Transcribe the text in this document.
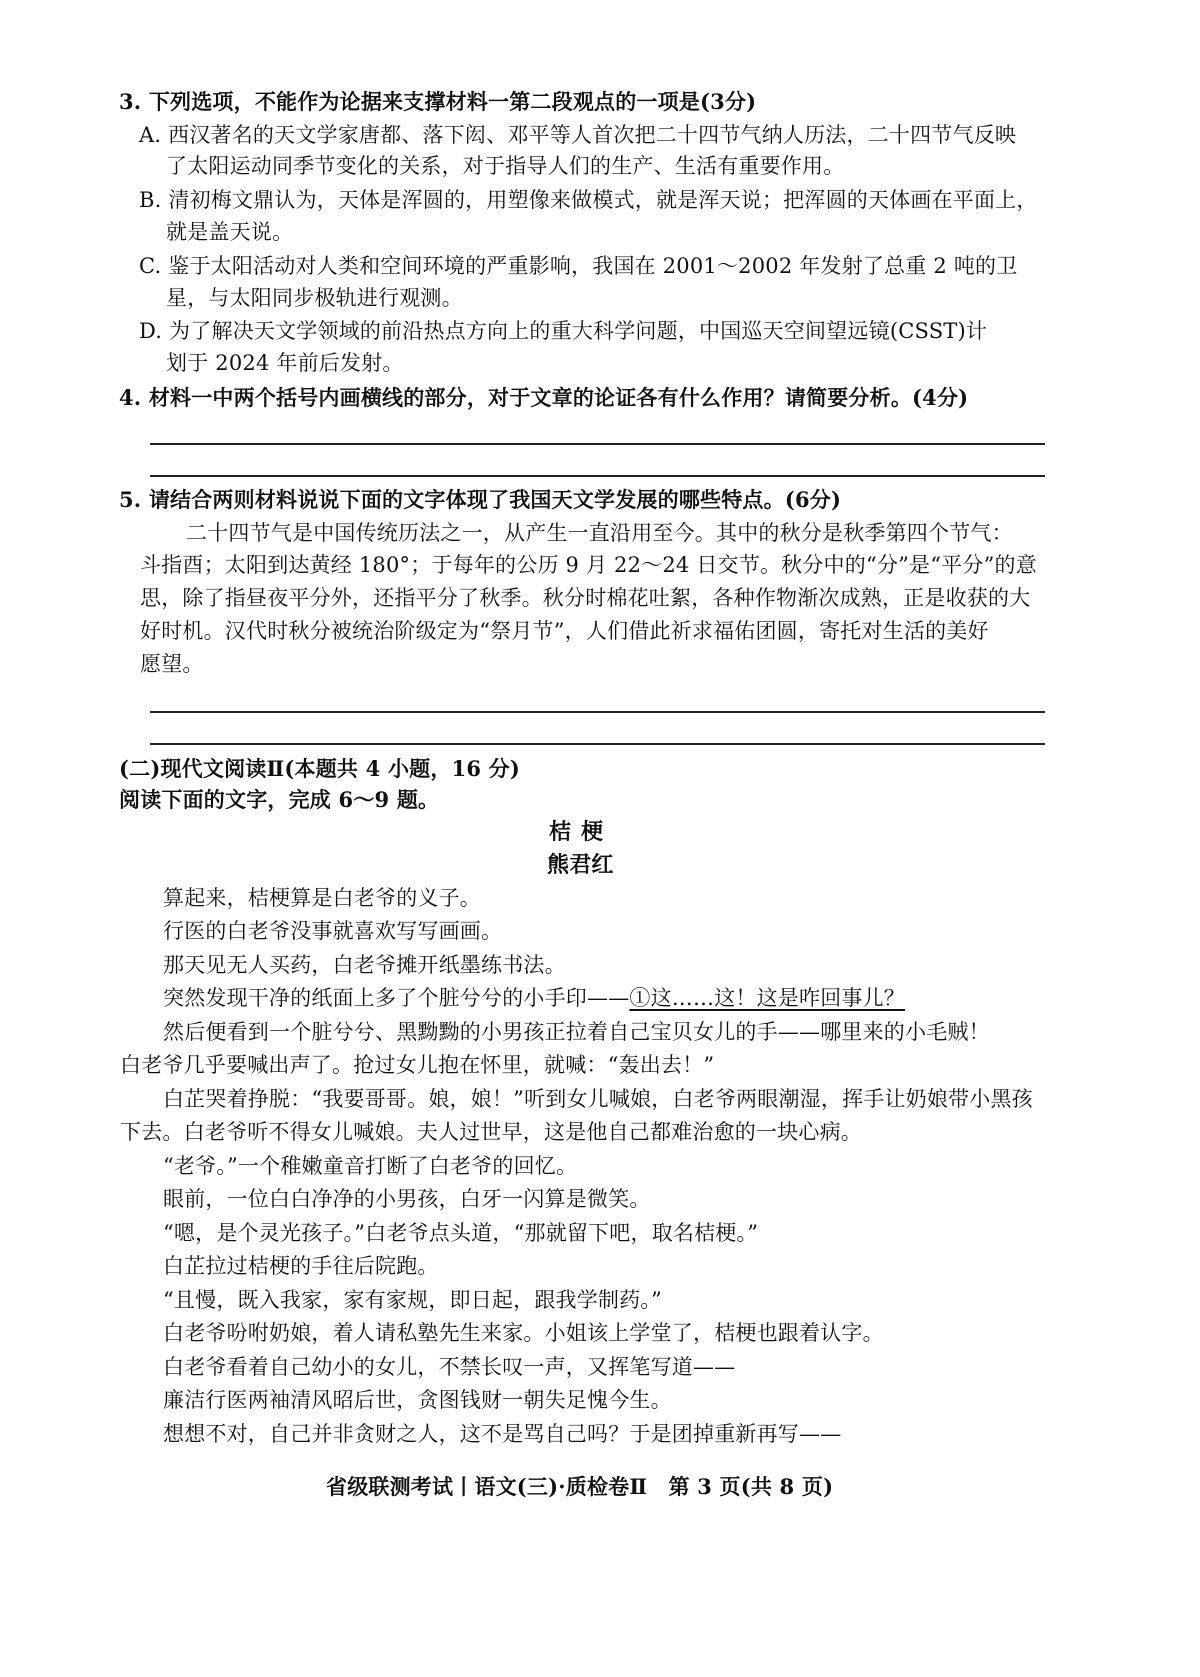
3. 下列选项，不能作为论据来支撑材料一第二段观点的一项是(3分)
A. 西汉著名的天文学家唐都、落下闳、邓平等人首次把二十四节气纳人历法，二十四节气反映
了太阳运动同季节变化的关系，对于指导人们的生产、生活有重要作用。
B. 清初梅文鼎认为，天体是浑圆的，用塑像来做模式，就是浑天说；把浑圆的天体画在平面上，
就是盖天说。
C. 鉴于太阳活动对人类和空间环境的严重影响，我国在 2001～2002 年发射了总重 2 吨的卫
星，与太阳同步极轨进行观测。
D. 为了解决天文学领域的前沿热点方向上的重大科学问题，中国巡天空间望远镜(CSST)计
划于 2024 年前后发射。
4. 材料一中两个括号内画横线的部分，对于文章的论证各有什么作用？请简要分析。(4分)
5. 请结合两则材料说说下面的文字体现了我国天文学发展的哪些特点。(6分)
二十四节气是中国传统历法之一，从产生一直沿用至今。其中的秋分是秋季第四个节气：
斗指酉；太阳到达黄经 180°；于每年的公历 9 月 22～24 日交节。秋分中的“分”是“平分”的意
思，除了指昼夜平分外，还指平分了秋季。秋分时棉花吐絮，各种作物渐次成熟，正是收获的大
好时机。汉代时秋分被统治阶级定为“祭月节”，人们借此祈求福佑团圆，寄托对生活的美好
愿望。
(二)现代文阅读Ⅱ(本题共 4 小题，16 分)
阅读下面的文字，完成 6～9 题。
桔梗
熊君红
算起来，桔梗算是白老爷的义子。
行医的白老爷没事就喜欢写写画画。
那天见无人买药，白老爷摊开纸墨练书法。
突然发现干净的纸面上多了个脏兮兮的小手印——①这……这！这是咋回事儿？
然后便看到一个脏兮兮、黑黝黝的小男孩正拉着自己宝贝女儿的手——哪里来的小毛贼！
白老爷几乎要喊出声了。抢过女儿抱在怀里，就喊：“轰出去！”
白芷哭着挣脱：“我要哥哥。娘，娘！”听到女儿喊娘，白老爷两眼潮湿，挥手让奶娘带小黑孩
下去。白老爷听不得女儿喊娘。夫人过世早，这是他自己都难治愈的一块心病。
“老爷。”一个稚嫩童音打断了白老爷的回忆。
眼前，一位白白净净的小男孩，白牙一闪算是微笑。
“嗯，是个灵光孩子。”白老爷点头道，“那就留下吧，取名桔梗。”
白芷拉过桔梗的手往后院跑。
“且慢，既入我家，家有家规，即日起，跟我学制药。”
白老爷吩咐奶娘，着人请私塾先生来家。小姐该上学堂了，桔梗也跟着认字。
白老爷看着自己幼小的女儿，不禁长叹一声，又挥笔写道——
廉洁行医两袖清风昭后世，贪图钱财一朝失足愧今生。
想想不对，自己并非贪财之人，这不是骂自己吗？于是团掉重新再写——
省级联测考试丨语文(三)·质检卷Ⅱ　第 3 页(共 8 页)
